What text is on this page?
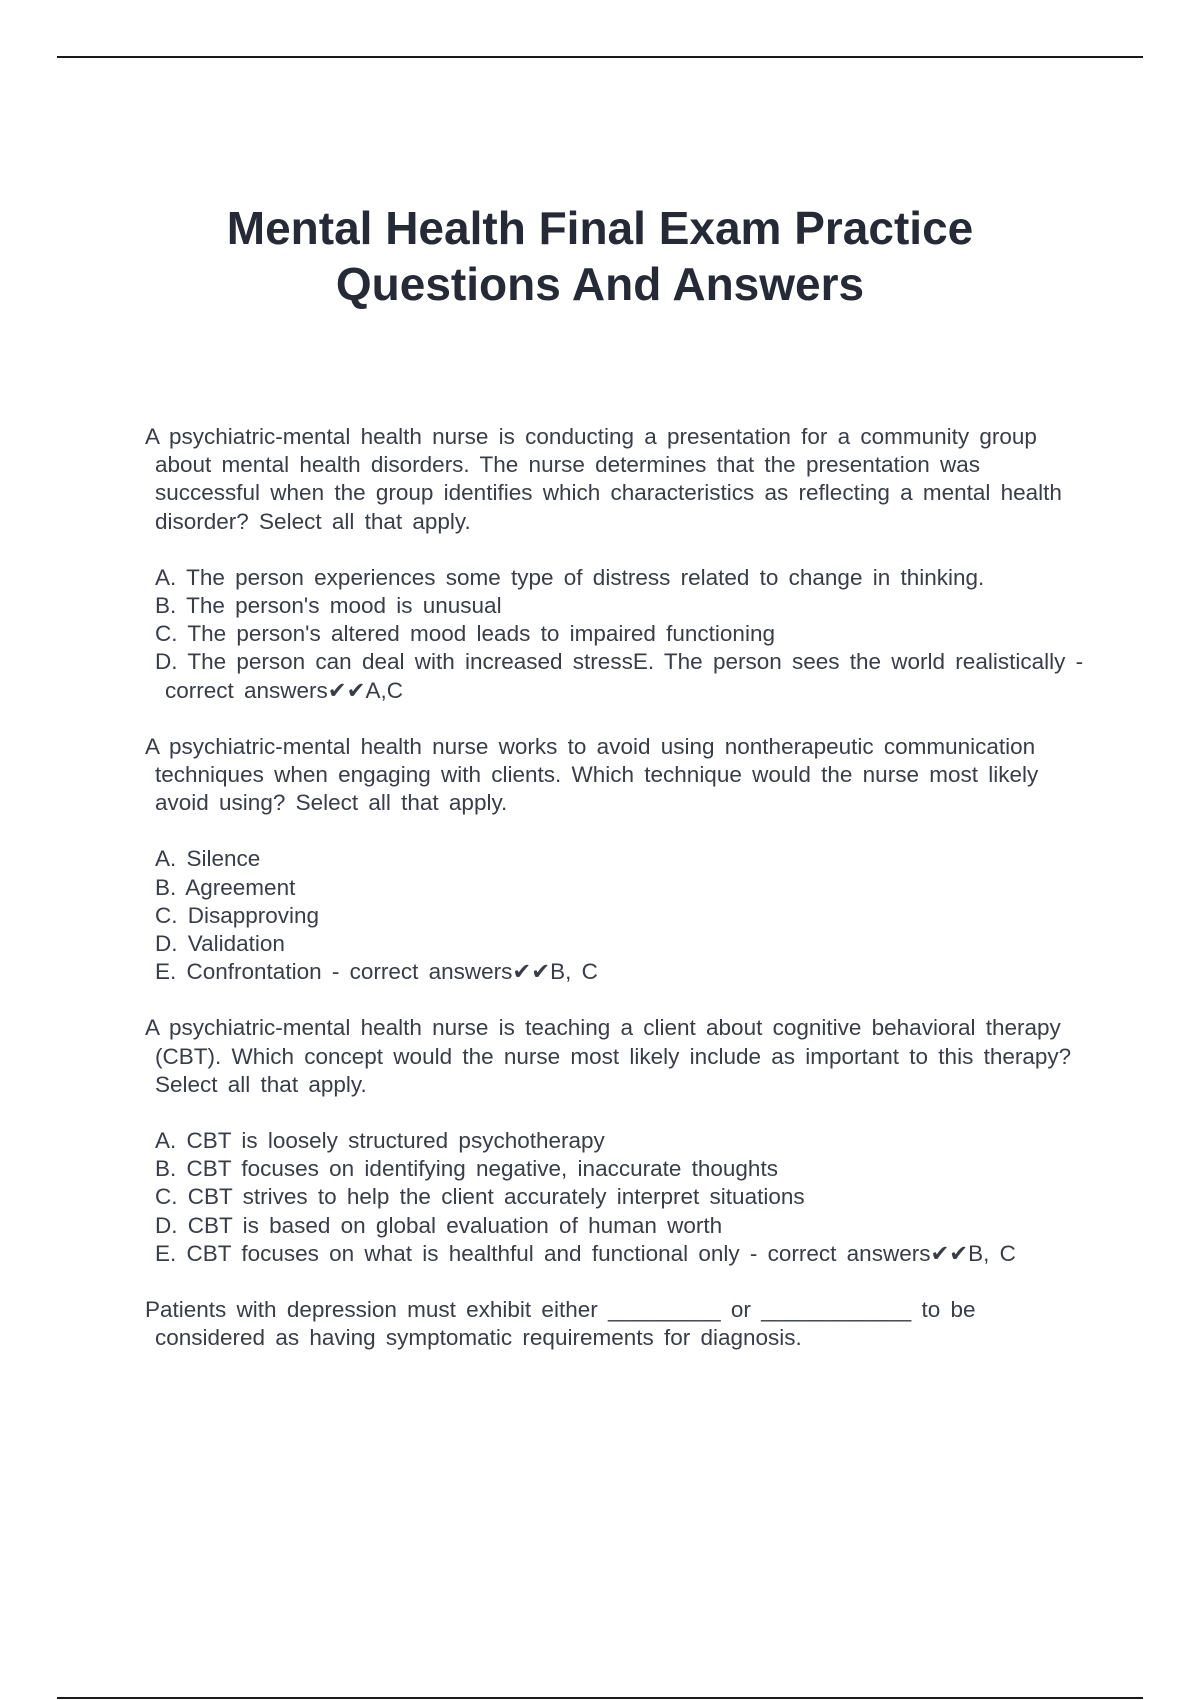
Mental Health Final Exam Practice
Questions And Answers

A psychiatric-mental health nurse is conducting a presentation for a community group about mental health disorders. The nurse determines that the presentation was successful when the group identifies which characteristics as reflecting a mental health disorder? Select all that apply.

A. The person experiences some type of distress related to change in thinking.
B. The person's mood is unusual
C. The person's altered mood leads to impaired functioning
D. The person can deal with increased stressE. The person sees the world realistically - correct answers✔✔A,C

A psychiatric-mental health nurse works to avoid using nontherapeutic communication techniques when engaging with clients. Which technique would the nurse most likely avoid using? Select all that apply.

A. Silence
B. Agreement
C. Disapproving
D. Validation
E. Confrontation - correct answers✔✔B, C

A psychiatric-mental health nurse is teaching a client about cognitive behavioral therapy (CBT). Which concept would the nurse most likely include as important to this therapy? Select all that apply.

A. CBT is loosely structured psychotherapy
B. CBT focuses on identifying negative, inaccurate thoughts
C. CBT strives to help the client accurately interpret situations
D. CBT is based on global evaluation of human worth
E. CBT focuses on what is healthful and functional only - correct answers✔✔B, C

Patients with depression must exhibit either _________ or ____________ to be considered as having symptomatic requirements for diagnosis.
